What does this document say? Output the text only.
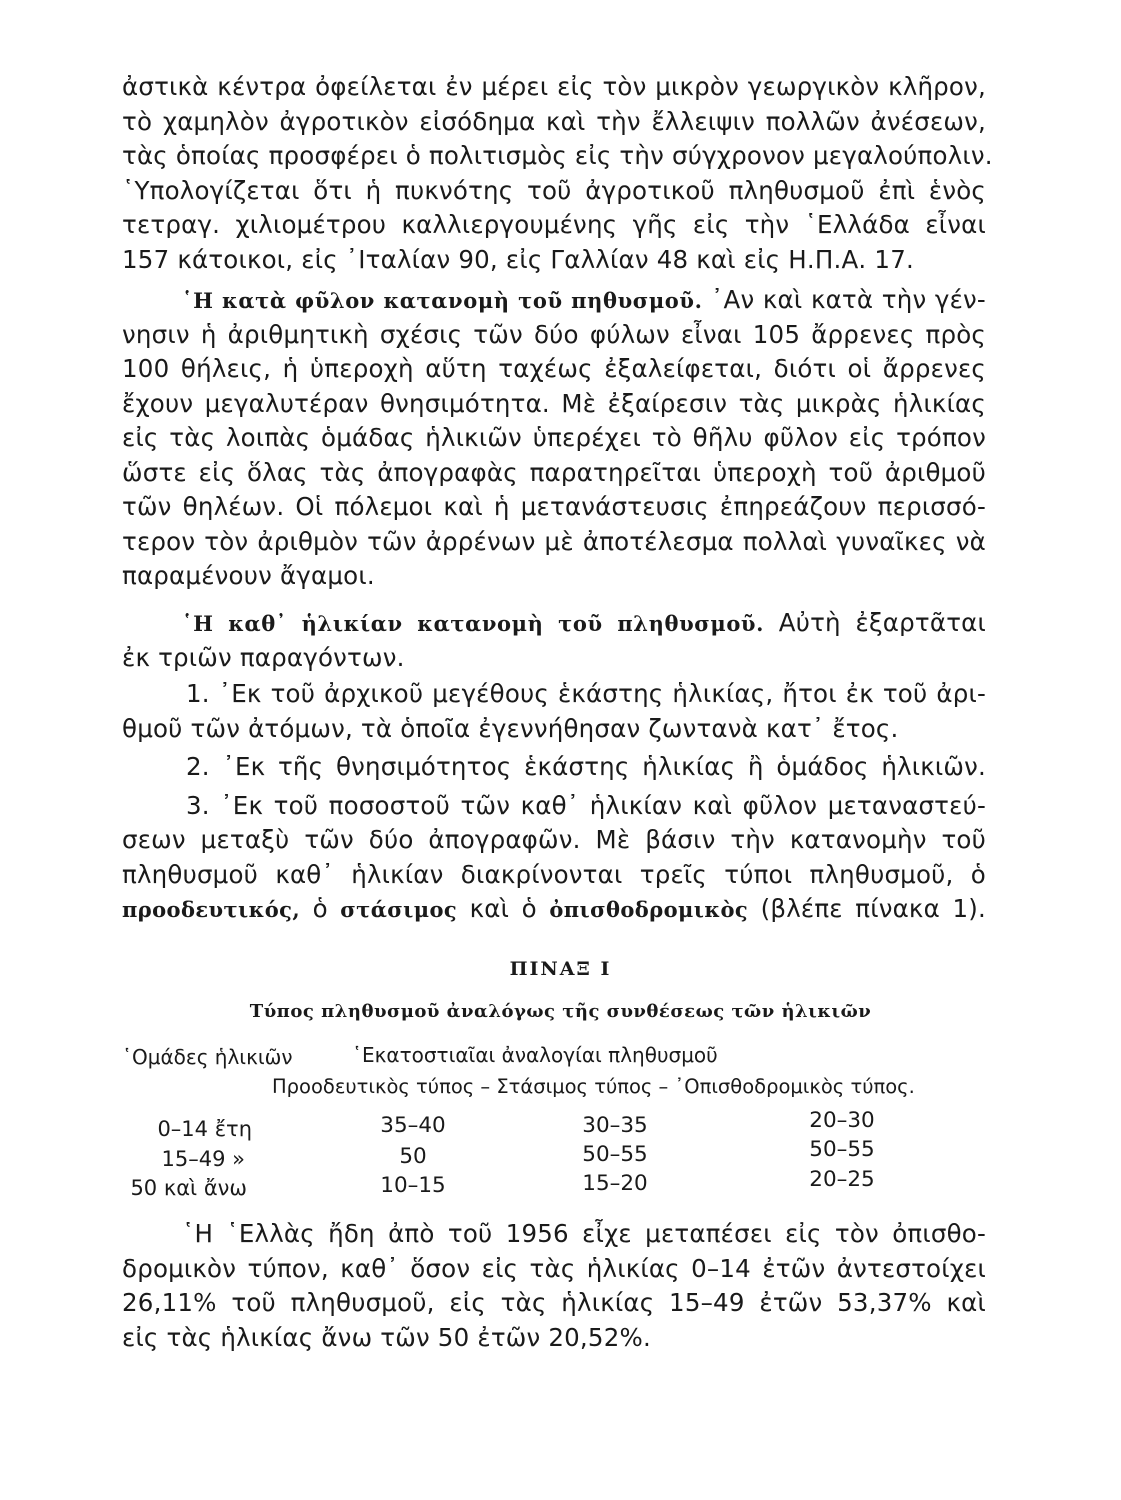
ἀστικὰ κέντρα ὀφείλεται ἐν μέρει εἰς τὸν μικρὸν γεωργικὸν κλῆρον,
τὸ χαμηλὸν ἀγροτικὸν εἰσόδημα καὶ τὴν ἔλλειψιν πολλῶν ἀνέσεων,
τὰς ὁποίας προσφέρει ὁ πολιτισμὸς εἰς τὴν σύγχρονον μεγαλούπολιν.
῾Υπολογίζεται ὅτι ἡ πυκνότης τοῦ ἀγροτικοῦ πληθυσμοῦ ἐπὶ ἑνὸς
τετραγ. χιλιομέτρου καλλιεργουμένης γῆς εἰς τὴν ῾Ελλάδα εἶναι
157 κάτοικοι, εἰς ᾽Ιταλίαν 90, εἰς Γαλλίαν 48 καὶ εἰς Η.Π.Α. 17.
῾Η κατὰ φῦλον κατανομὴ τοῦ πηθυσμοῦ. ᾽Αν καὶ κατὰ τὴν γέν-
νησιν ἡ ἀριθμητικὴ σχέσις τῶν δύο φύλων εἶναι 105 ἄρρενες πρὸς
100 θήλεις, ἡ ὑπεροχὴ αὕτη ταχέως ἐξαλείφεται, διότι οἱ ἄρρενες
ἔχουν μεγαλυτέραν θνησιμότητα. Μὲ ἐξαίρεσιν τὰς μικρὰς ἡλικίας
εἰς τὰς λοιπὰς ὁμάδας ἡλικιῶν ὑπερέχει τὸ θῆλυ φῦλον εἰς τρόπον
ὥστε εἰς ὅλας τὰς ἀπογραφὰς παρατηρεῖται ὑπεροχὴ τοῦ ἀριθμοῦ
τῶν θηλέων. Οἱ πόλεμοι καὶ ἡ μετανάστευσις ἐπηρεάζουν περισσό-
τερον τὸν ἀριθμὸν τῶν ἀρρένων μὲ ἀποτέλεσμα πολλαὶ γυναῖκες νὰ
παραμένουν ἄγαμοι.
῾Η καθ᾽ ἡλικίαν κατανομὴ τοῦ πληθυσμοῦ. Αὐτὴ ἐξαρτᾶται
ἐκ τριῶν παραγόντων.
1. ᾽Εκ τοῦ ἀρχικοῦ μεγέθους ἑκάστης ἡλικίας, ἤτοι ἐκ τοῦ ἀρι-
θμοῦ τῶν ἀτόμων, τὰ ὁποῖα ἐγεννήθησαν ζωντανὰ κατ᾽ ἔτος.
2. ᾽Εκ τῆς θνησιμότητος ἑκάστης ἡλικίας ἢ ὁμάδος ἡλικιῶν.
3. ᾽Εκ τοῦ ποσοστοῦ τῶν καθ᾽ ἡλικίαν καὶ φῦλον μεταναστεύ-
σεων μεταξὺ τῶν δύο ἀπογραφῶν. Μὲ βάσιν τὴν κατανομὴν τοῦ
πληθυσμοῦ καθ᾽ ἡλικίαν διακρίνονται τρεῖς τύποι πληθυσμοῦ, ὁ
προοδευτικός, ὁ στάσιμος καὶ ὁ ὀπισθοδρομικὸς (βλέπε πίνακα 1).
ΠΙΝΑΞ Ι
Τύπος πληθυσμοῦ ἀναλόγως τῆς συνθέσεως τῶν ἡλικιῶν
῾Ομάδες ἡλικιῶν	῾Εκατοστιαῖαι ἀναλογίαι πληθυσμοῦ
Προοδευτικὸς τύπος – Στάσιμος τύπος – ᾽Οπισθοδρομικὸς τύπος.
0–14 ἔτη	35–40	30–35	20–30
15–49 »	50	50–55	50–55
50 καὶ ἄνω	10–15	15–20	20–25
῾Η ῾Ελλὰς ἤδη ἀπὸ τοῦ 1956 εἶχε μεταπέσει εἰς τὸν ὀπισθο-
δρομικὸν τύπον, καθ᾽ ὅσον εἰς τὰς ἡλικίας 0–14 ἐτῶν ἀντεστοίχει
26,11% τοῦ πληθυσμοῦ, εἰς τὰς ἡλικίας 15–49 ἐτῶν 53,37% καὶ
εἰς τὰς ἡλικίας ἄνω τῶν 50 ἐτῶν 20,52%.
